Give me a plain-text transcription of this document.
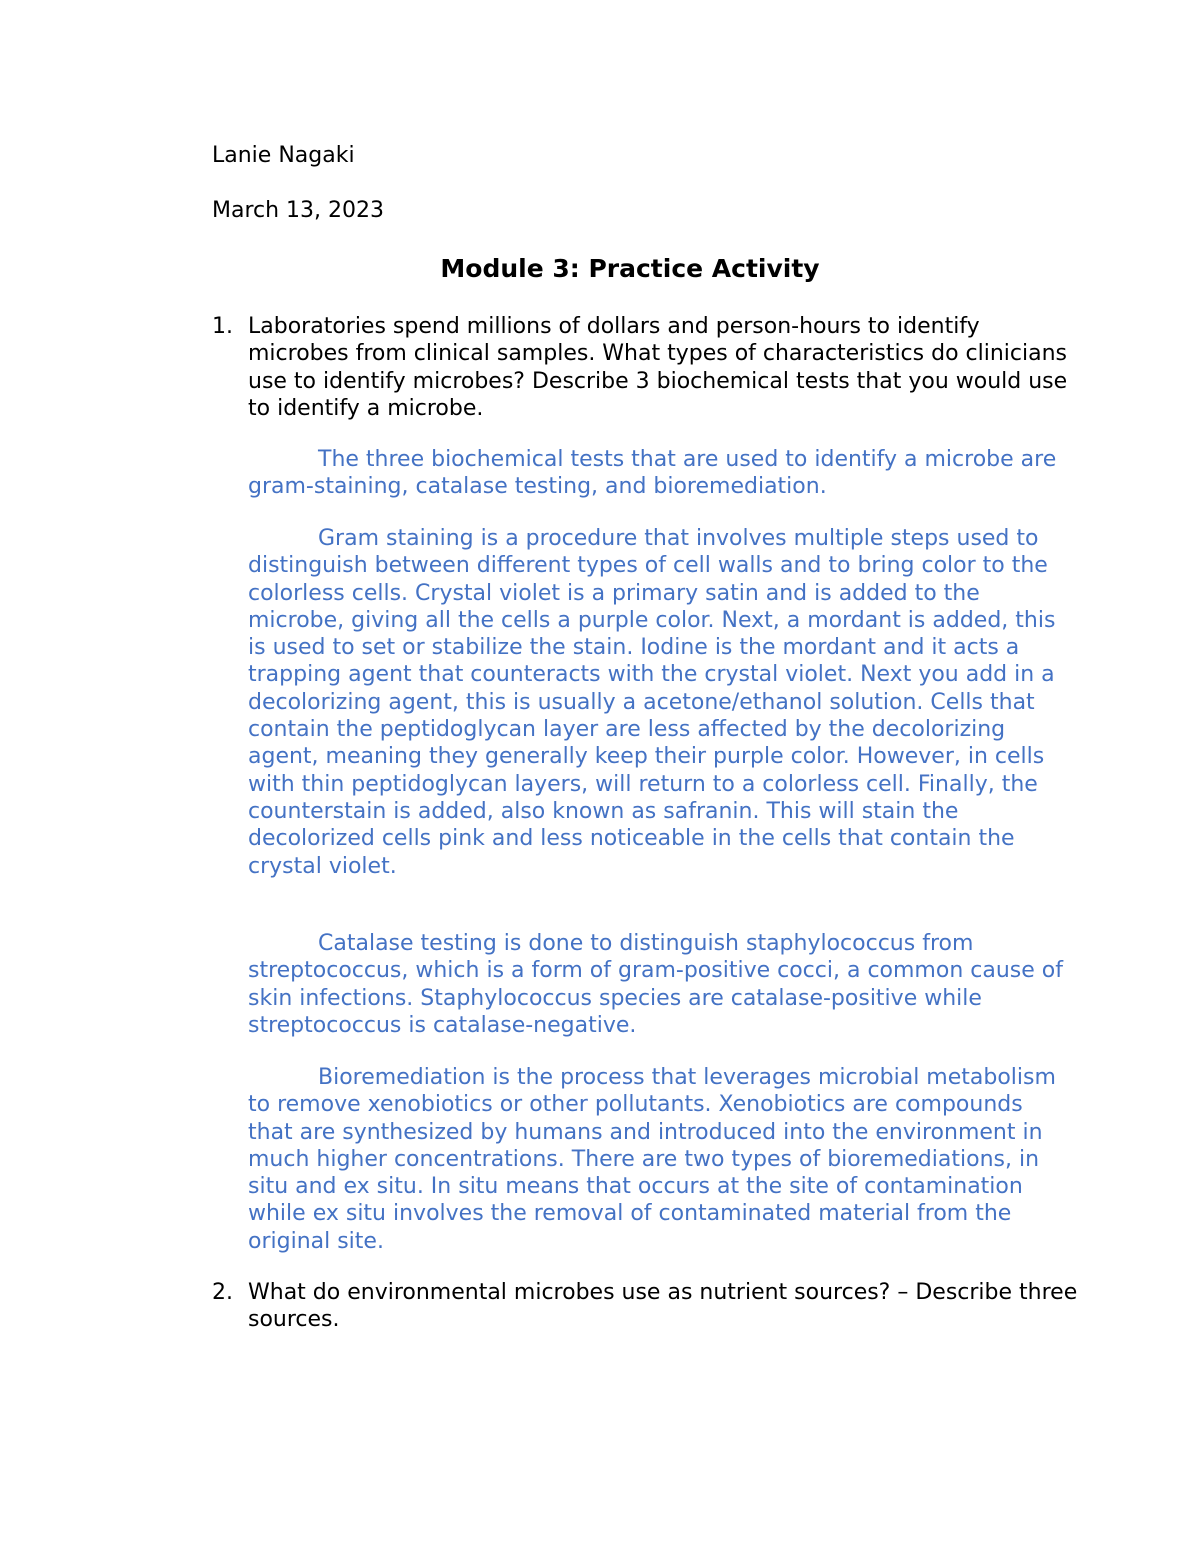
Lanie Nagaki

March 13, 2023

Module 3: Practice Activity
1. Laboratories spend millions of dollars and person-hours to identify microbes from clinical samples. What types of characteristics do clinicians use to identify microbes? Describe 3 biochemical tests that you would use to identify a microbe.

The three biochemical tests that are used to identify a microbe are gram-staining, catalase testing, and bioremediation.

Gram staining is a procedure that involves multiple steps used to distinguish between different types of cell walls and to bring color to the colorless cells. Crystal violet is a primary satin and is added to the microbe, giving all the cells a purple color. Next, a mordant is added, this is used to set or stabilize the stain. Iodine is the mordant and it acts a trapping agent that counteracts with the crystal violet. Next you add in a decolorizing agent, this is usually a acetone/ethanol solution. Cells that contain the peptidoglycan layer are less affected by the decolorizing agent, meaning they generally keep their purple color. However, in cells with thin peptidoglycan layers, will return to a colorless cell. Finally, the counterstain is added, also known as safranin. This will stain the decolorized cells pink and less noticeable in the cells that contain the crystal violet.

Catalase testing is done to distinguish staphylococcus from streptococcus, which is a form of gram-positive cocci, a common cause of skin infections. Staphylococcus species are catalase-positive while streptococcus is catalase-negative.

Bioremediation is the process that leverages microbial metabolism to remove xenobiotics or other pollutants. Xenobiotics are compounds that are synthesized by humans and introduced into the environment in much higher concentrations. There are two types of bioremediations, in situ and ex situ. In situ means that occurs at the site of contamination while ex situ involves the removal of contaminated material from the original site.

2. What do environmental microbes use as nutrient sources? – Describe three sources.
